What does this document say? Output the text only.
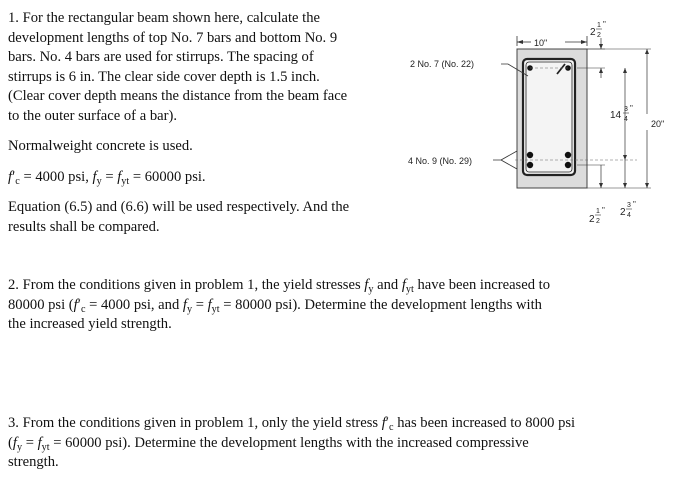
1. For the rectangular beam shown here, calculate the
development lengths of top No. 7 bars and bottom No. 9
bars. No. 4 bars are used for stirrups. The spacing of
stirrups is 6 in. The clear side cover depth is 1.5 inch.
(Clear cover depth means the distance from the beam face
to the outer surface of a bar).
Normalweight concrete is used.
$f'_c = 4000$ psi, $f_y = f_{yt} = 60000$ psi.
Equation (6.5) and (6.6) will be used respectively. And the
results shall be compared.
10"
2 No. 7 (No. 22)
4 No. 9 (No. 29)
2
1
2
"
14
3
4
"
20"
2
1
2
" 2
3
4
"

2. From the conditions given in problem 1, the yield stresses $f_y$ and $f_{yt}$ have been increased to
80000 psi ($f'_c = 4000$ psi, and $f_y = f_{yt} = 80000$ psi). Determine the development lengths with
the increased yield strength.

3. From the conditions given in problem 1, only the yield stress $f'_c$ has been increased to 8000 psi
($f_y = f_{yt} = 60000$ psi). Determine the development lengths with the increased compressive
strength.
